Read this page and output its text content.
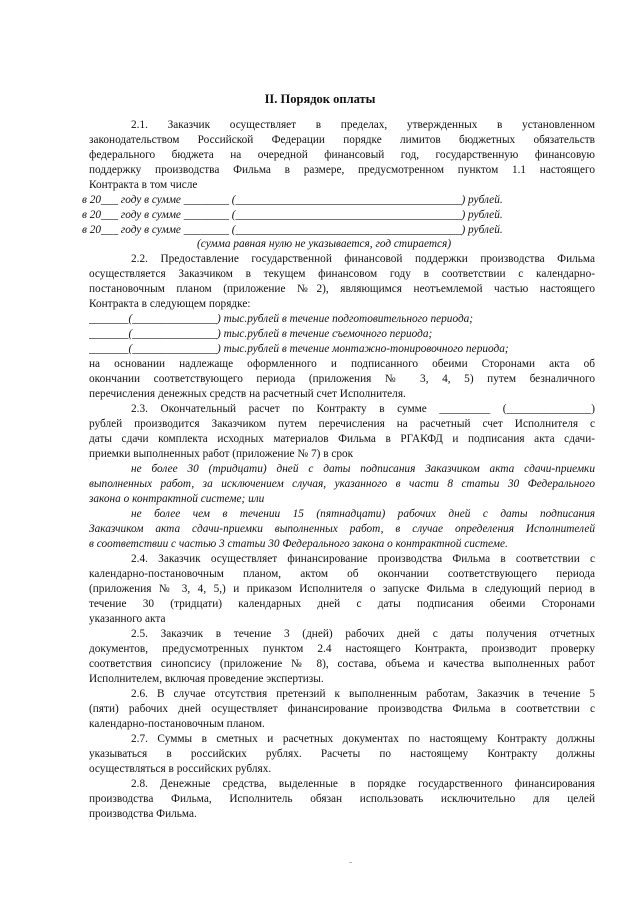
II. Порядок оплаты
2.1. Заказчик осуществляет в пределах, утвержденных в установленном
законодательством Российской Федерации порядке лимитов бюджетных обязательств
федерального бюджета на очередной финансовый год, государственную финансовую
поддержку производства Фильма в размере, предусмотренном пунктом 1.1 настоящего
Контракта в том числе
в 20___ году в сумме ________ (________________________________________) рублей.
в 20___ году в сумме ________ (________________________________________) рублей.
в 20___ году в сумме ________ (________________________________________) рублей.
(сумма равная нулю не указывается, год стирается)
2.2. Предоставление государственной финансовой поддержки производства Фильма
осуществляется Заказчиком в текущем финансовом году в соответствии с календарно-
постановочным планом (приложение №2), являющимся неотъемлемой частью настоящего
Контракта в следующем порядке:
_______(_______________) тыс.рублей в течение подготовительного периода;
_______(_______________) тыс.рублей в течение съемочного периода;
_______(_______________) тыс.рублей в течение монтажно-тонировочного периода;
на основании надлежаще оформленного и подписанного обеими Сторонами акта об
окончании соответствующего периода (приложения № 3, 4, 5) путем безналичного
перечисления денежных средств на расчетный счет Исполнителя.
2.3. Окончательный расчет по Контракту в сумме _________ (_______________)
рублей производится Заказчиком путем перечисления на расчетный счет Исполнителя с
даты сдачи комплекта исходных материалов Фильма в РГАКФД и подписания акта сдачи-
приемки выполненных работ (приложение № 7) в срок
не более 30 (тридцати) дней с даты подписания Заказчиком акта сдачи-приемки
выполненных работ, за исключением случая, указанного в части 8 статьи 30 Федерального
закона о контрактной системе; или
не более чем в течении 15 (пятнадцати) рабочих дней с даты подписания
Заказчиком акта сдачи-приемки выполненных работ, в случае определения Исполнителей
в соответствии с частью 3 статьи 30 Федерального закона о контрактной системе.
2.4. Заказчик осуществляет финансирование производства Фильма в соответствии с
календарно-постановочным планом, актом об окончании соответствующего периода
(приложения № 3, 4, 5,) и приказом Исполнителя о запуске Фильма в следующий период в
течение 30 (тридцати) календарных дней с даты подписания обеими Сторонами
указанного акта
2.5. Заказчик в течение 3 (дней) рабочих дней с даты получения отчетных
документов, предусмотренных пунктом 2.4 настоящего Контракта, производит проверку
соответствия синопсису (приложение № 8), состава, объема и качества выполненных работ
Исполнителем, включая проведение экспертизы.
2.6. В случае отсутствия претензий к выполненным работам, Заказчик в течение 5
(пяти) рабочих дней осуществляет финансирование производства Фильма в соответствии с
календарно-постановочным планом.
2.7. Суммы в сметных и расчетных документах по настоящему Контракту должны
указываться в российских рублях. Расчеты по настоящему Контракту должны
осуществляться в российских рублях.
2.8. Денежные средства, выделенные в порядке государственного финансирования
производства Фильма, Исполнитель обязан использовать исключительно для целей
производства Фильма.
